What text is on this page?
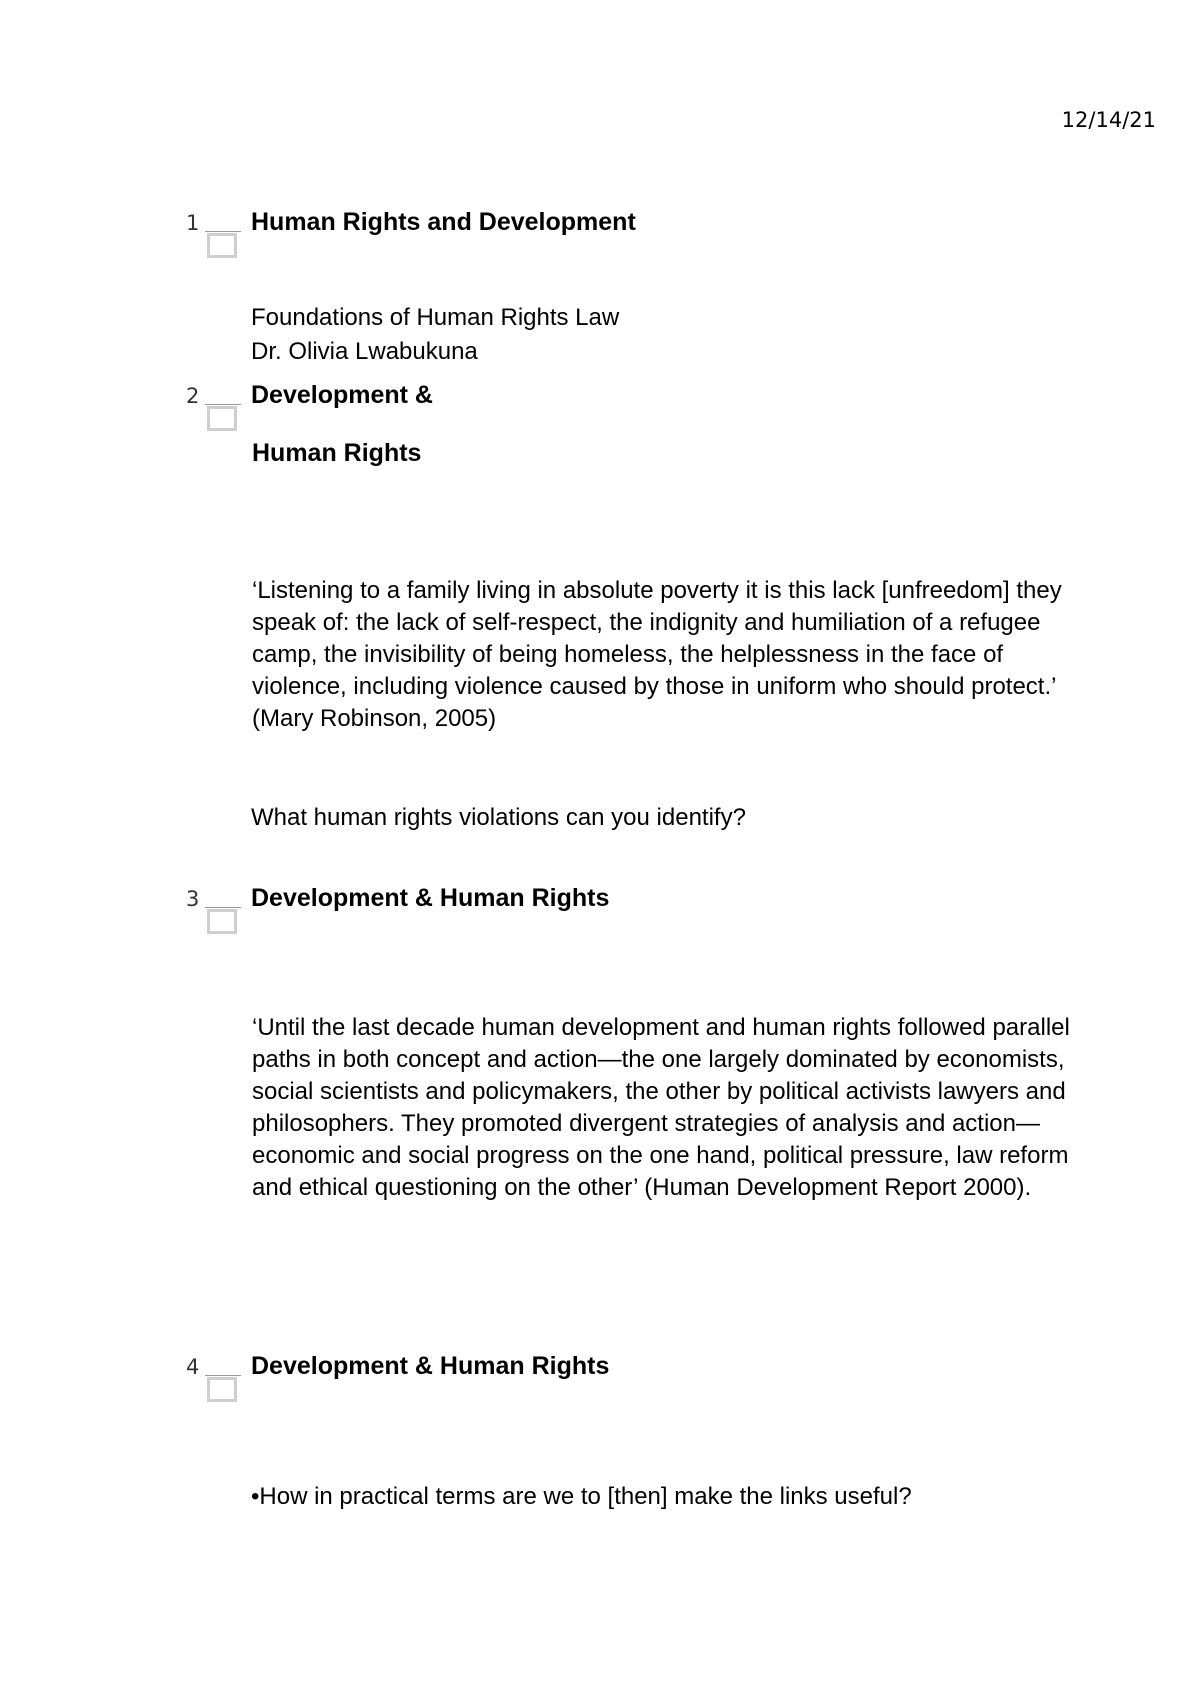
12/14/21
1 Human Rights and Development

Foundations of Human Rights Law

Dr. Olivia Lwabukuna

2 Development &
Human Rights

‘Listening to a family living in absolute poverty it is this lack [unfreedom] they speak of: the lack of self-respect, the indignity and humiliation of a refugee camp, the invisibility of being homeless, the helplessness in the face of violence, including violence caused by those in uniform who should protect.’ (Mary Robinson, 2005)

What human rights violations can you identify?

3 Development & Human Rights

‘Until the last decade human development and human rights followed parallel paths in both concept and action—the one largely dominated by economists, social scientists and policymakers, the other by political activists lawyers and philosophers. They promoted divergent strategies of analysis and action— economic and social progress on the one hand, political pressure, law reform and ethical questioning on the other’ (Human Development Report 2000).

4 Development & Human Rights

•How in practical terms are we to [then] make the links useful?
